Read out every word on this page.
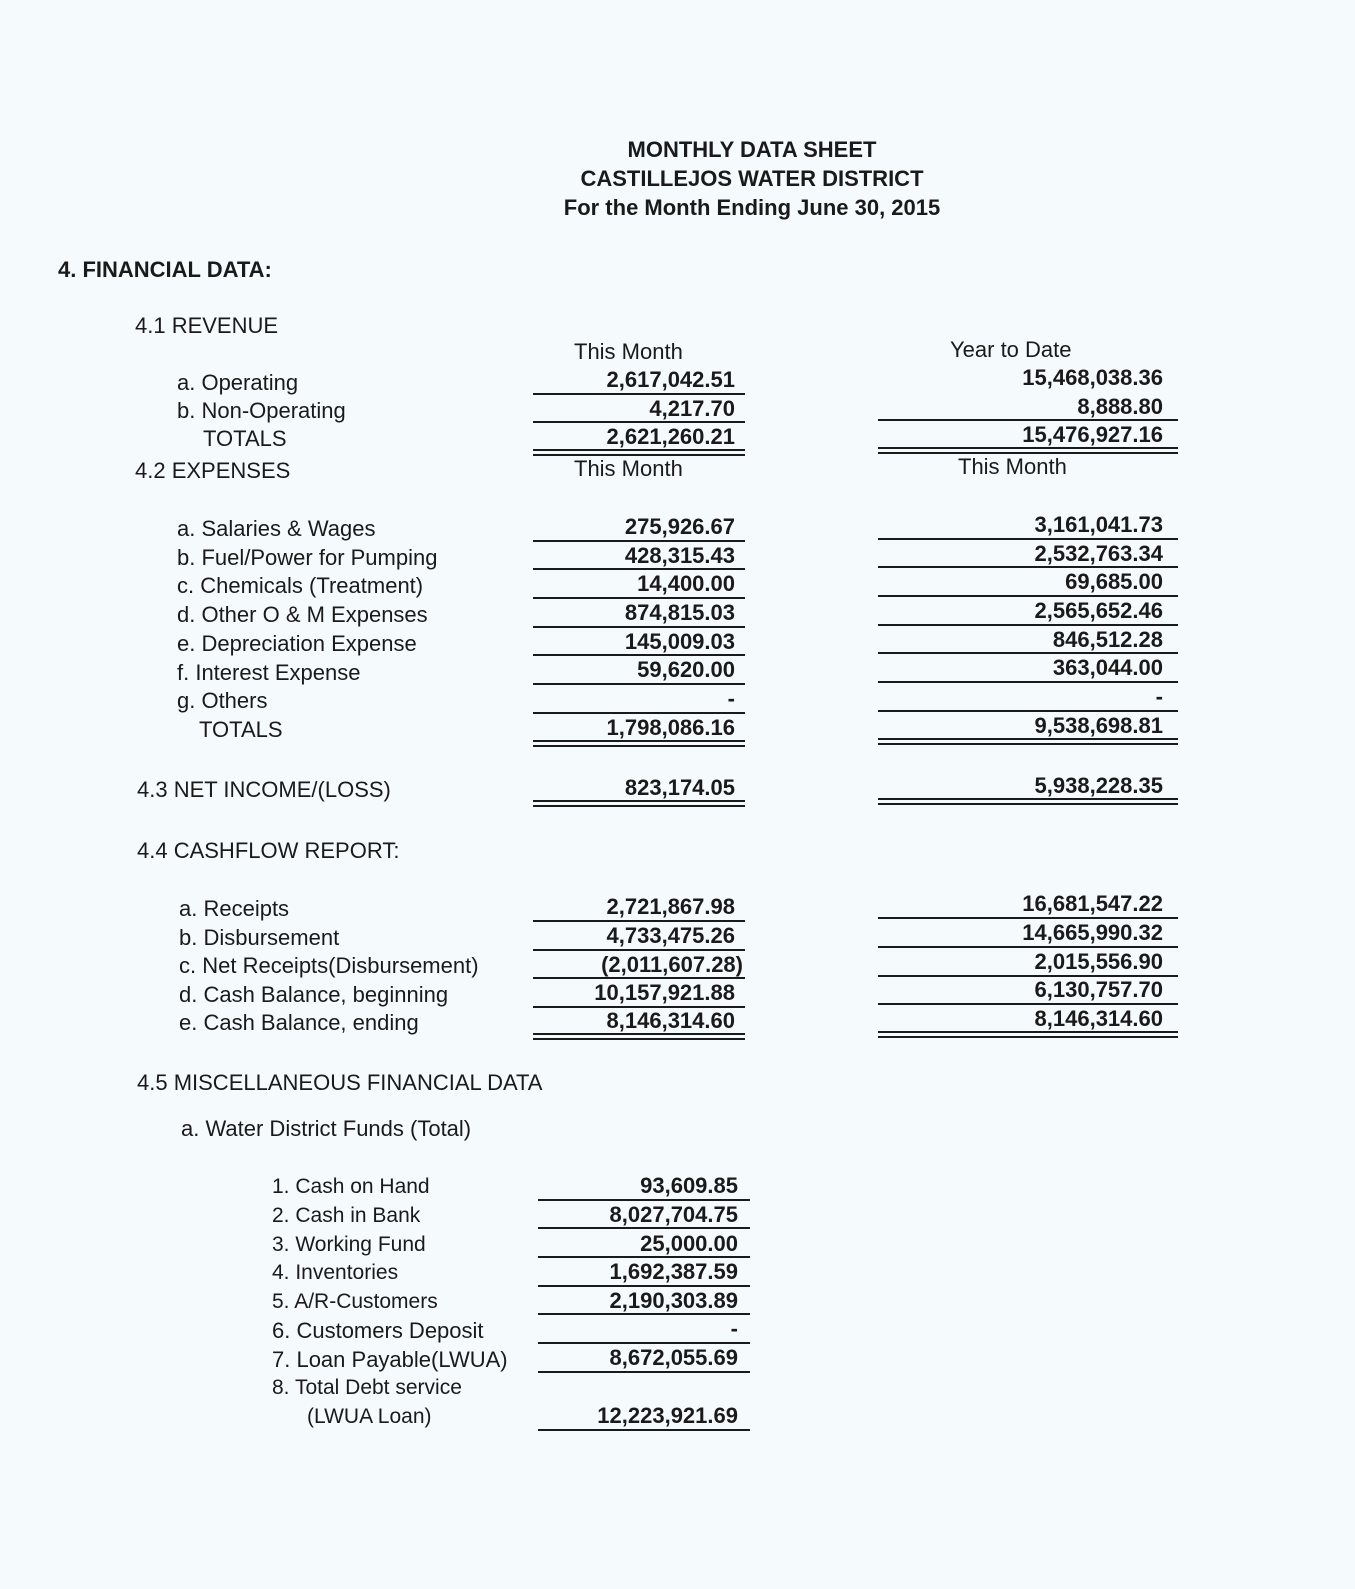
MONTHLY DATA SHEET
CASTILLEJOS WATER DISTRICT
For the Month Ending June 30, 2015
4. FINANCIAL DATA:
4.1 REVENUE
This Month	Year to Date
a. Operating	2,617,042.51	15,468,038.36
b. Non-Operating	4,217.70	8,888.80
TOTALS	2,621,260.21	15,476,927.16
4.2 EXPENSES	This Month	This Month
a. Salaries & Wages	275,926.67	3,161,041.73
b. Fuel/Power for Pumping	428,315.43	2,532,763.34
c. Chemicals (Treatment)	14,400.00	69,685.00
d. Other O & M Expenses	874,815.03	2,565,652.46
e. Depreciation Expense	145,009.03	846,512.28
f. Interest Expense	59,620.00	363,044.00
g. Others	-	-
TOTALS	1,798,086.16	9,538,698.81
4.3 NET INCOME/(LOSS)	823,174.05	5,938,228.35
4.4 CASHFLOW REPORT:
a. Receipts	2,721,867.98	16,681,547.22
b. Disbursement	4,733,475.26	14,665,990.32
c. Net Receipts(Disbursement)	(2,011,607.28)	2,015,556.90
d. Cash Balance, beginning	10,157,921.88	6,130,757.70
e. Cash Balance, ending	8,146,314.60	8,146,314.60
4.5 MISCELLANEOUS FINANCIAL DATA
a. Water District Funds (Total)
1. Cash on Hand	93,609.85
2. Cash in Bank	8,027,704.75
3. Working Fund	25,000.00
4. Inventories	1,692,387.59
5. A/R-Customers	2,190,303.89
6. Customers Deposit	-
7. Loan Payable(LWUA)	8,672,055.69
8. Total Debt service
(LWUA Loan)	12,223,921.69
